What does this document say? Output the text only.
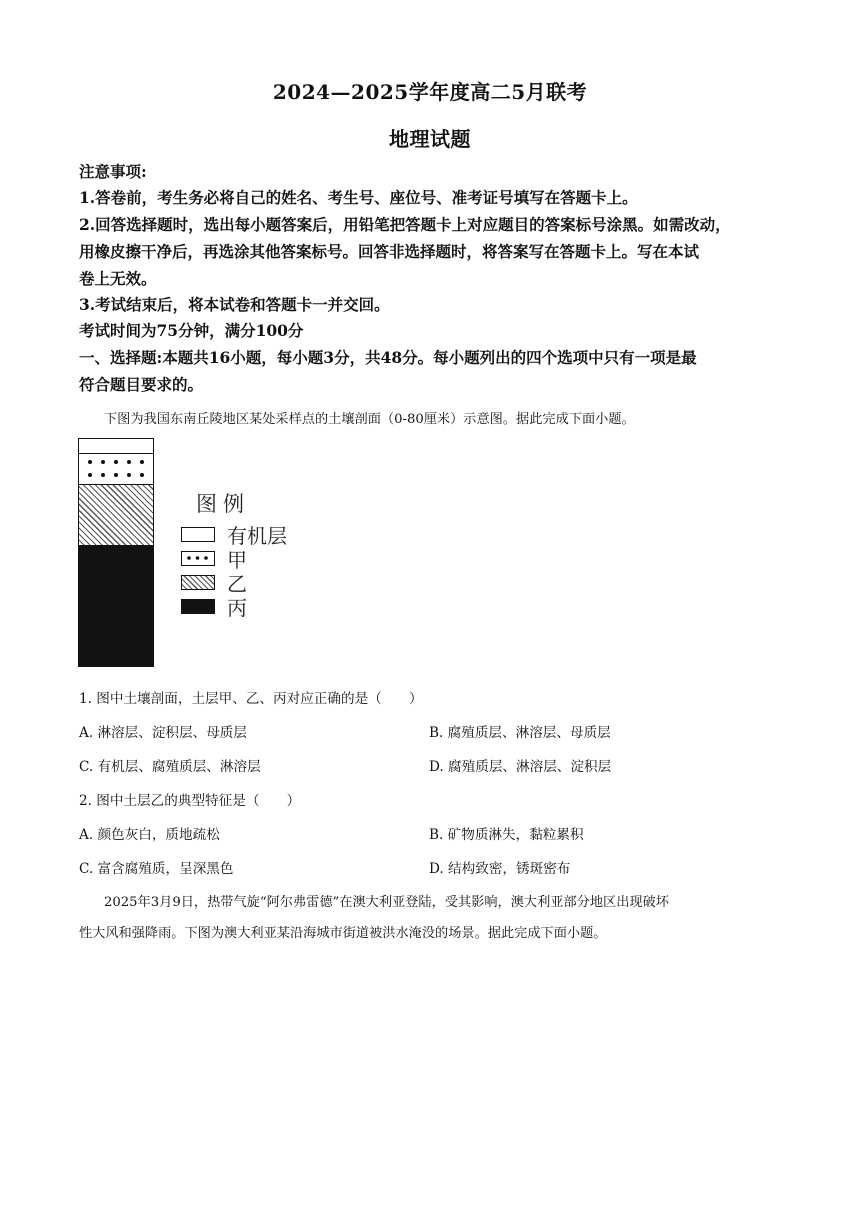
2024—2025学年度高二5月联考
地理试题
注意事项:
1.答卷前，考生务必将自己的姓名、考生号、座位号、准考证号填写在答题卡上。
2.回答选择题时，选出每小题答案后，用铅笔把答题卡上对应题目的答案标号涂黑。如需改动，
用橡皮擦干净后，再选涂其他答案标号。回答非选择题时，将答案写在答题卡上。写在本试
卷上无效。
3.考试结束后，将本试卷和答题卡一并交回。
考试时间为75分钟，满分100分
一、选择题:本题共16小题，每小题3分，共48分。每小题列出的四个选项中只有一项是最
符合题目要求的。
下图为我国东南丘陵地区某处采样点的土壤剖面（0-80厘米）示意图。据此完成下面小题。
图例
有机层
甲
乙
丙
1. 图中土壤剖面，土层甲、乙、丙对应正确的是（　　）
A. 淋溶层、淀积层、母质层	B. 腐殖质层、淋溶层、母质层
C. 有机层、腐殖质层、淋溶层	D. 腐殖质层、淋溶层、淀积层
2. 图中土层乙的典型特征是（　　）
A. 颜色灰白，质地疏松	B. 矿物质淋失，黏粒累积
C. 富含腐殖质，呈深黑色	D. 结构致密，锈斑密布
2025年3月9日，热带气旋“阿尔弗雷德”在澳大利亚登陆，受其影响，澳大利亚部分地区出现破坏
性大风和强降雨。下图为澳大利亚某沿海城市街道被洪水淹没的场景。据此完成下面小题。
